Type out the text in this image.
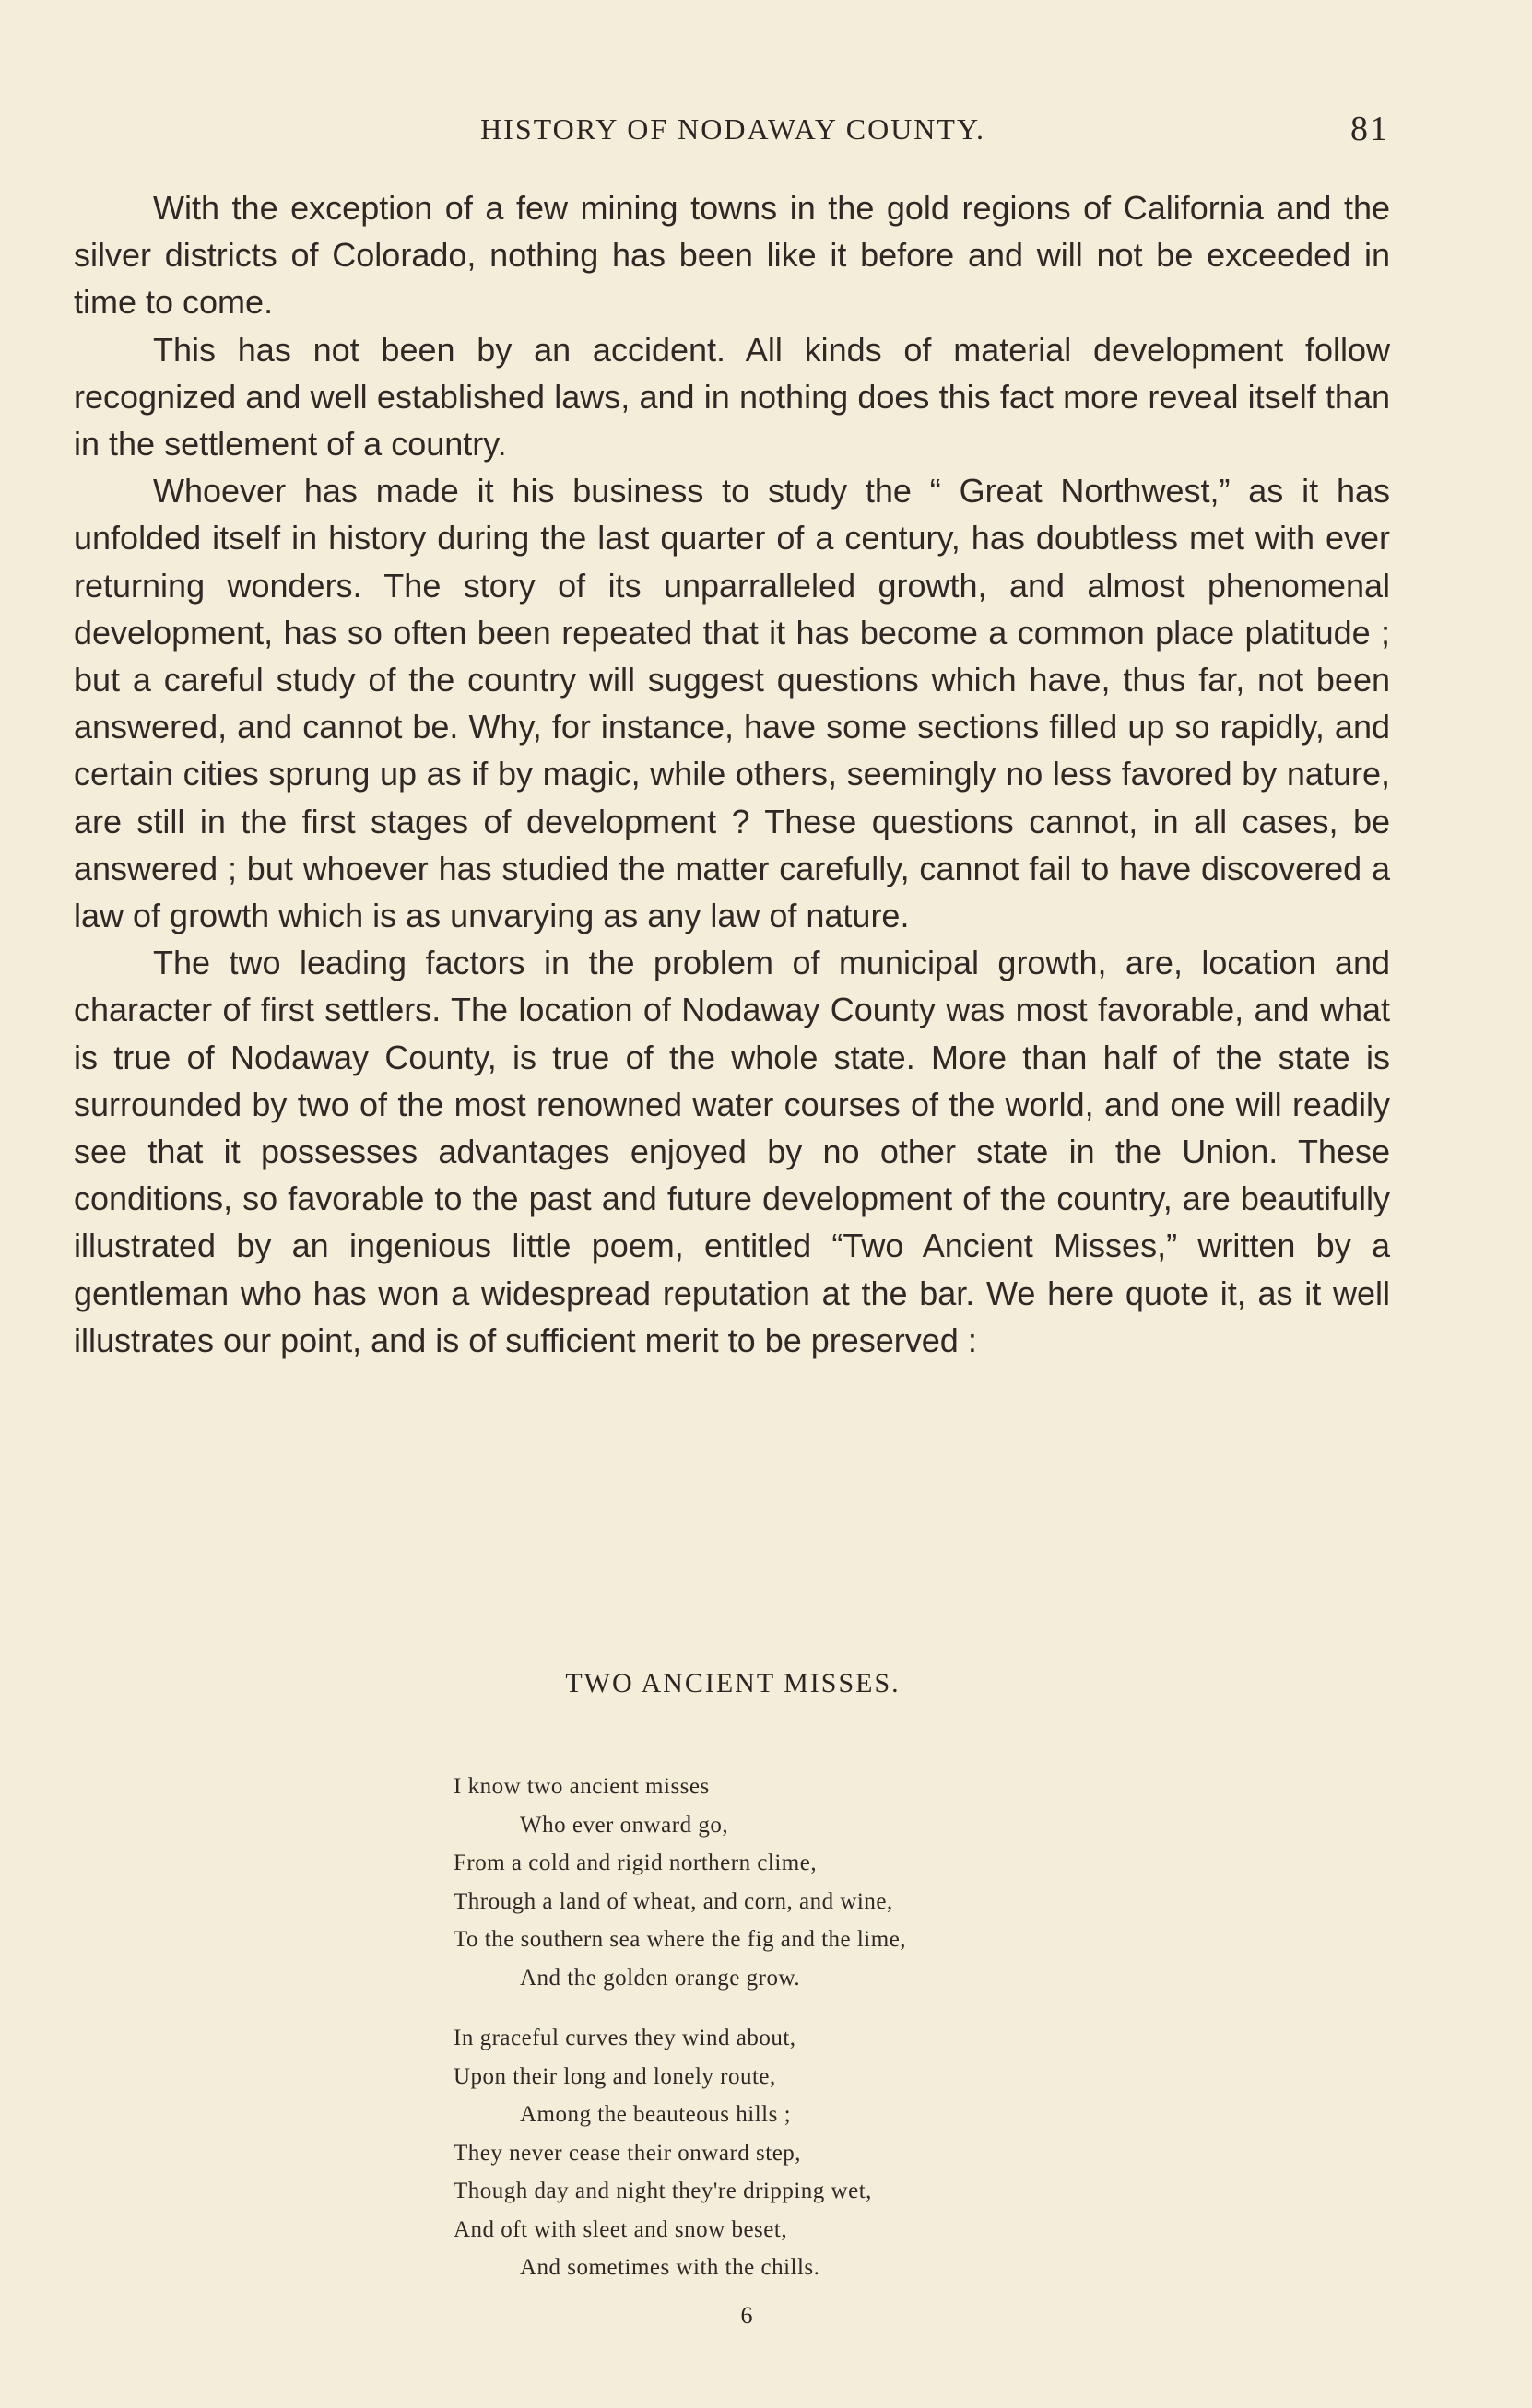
HISTORY OF NODAWAY COUNTY.	81

With the exception of a few mining towns in the gold regions of California and the silver districts of Colorado, nothing has been like it before and will not be exceeded in time to come.

This has not been by an accident. All kinds of material development follow recognized and well established laws, and in nothing does this fact more reveal itself than in the settlement of a country.

Whoever has made it his business to study the “ Great Northwest,” as it has unfolded itself in history during the last quarter of a century, has doubtless met with ever returning wonders. The story of its unparralleled growth, and almost phenomenal development, has so often been repeated that it has become a common place platitude ; but a careful study of the country will suggest questions which have, thus far, not been answered, and cannot be. Why, for instance, have some sections filled up so rapidly, and certain cities sprung up as if by magic, while others, seemingly no less favored by nature, are still in the first stages of development ? These questions cannot, in all cases, be answered ; but whoever has studied the matter carefully, cannot fail to have discovered a law of growth which is as unvarying as any law of nature.

The two leading factors in the problem of municipal growth, are, location and character of first settlers. The location of Nodaway County was most favorable, and what is true of Nodaway County, is true of the whole state. More than half of the state is surrounded by two of the most renowned water courses of the world, and one will readily see that it possesses advantages enjoyed by no other state in the Union. These conditions, so favorable to the past and future development of the country, are beautifully illustrated by an ingenious little poem, entitled “Two Ancient Misses,” written by a gentleman who has won a widespread reputation at the bar. We here quote it, as it well illustrates our point, and is of sufficient merit to be preserved :

TWO ANCIENT MISSES.
I know two ancient misses
Who ever onward go,
From a cold and rigid northern clime,
Through a land of wheat, and corn, and wine,
To the southern sea where the fig and the lime,
And the golden orange grow.
In graceful curves they wind about,
Upon their long and lonely route,
Among the beauteous hills ;
They never cease their onward step,
Though day and night they're dripping wet,
And oft with sleet and snow beset,
And sometimes with the chills.
6
